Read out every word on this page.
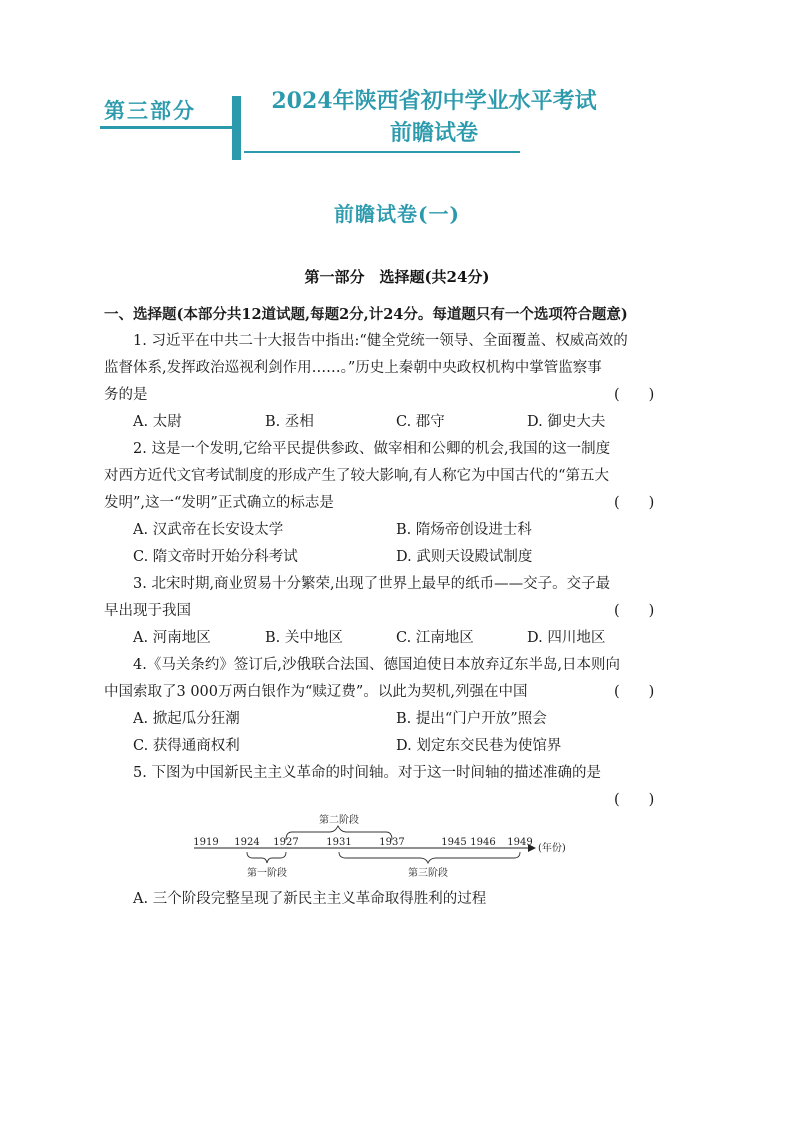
第三部分	2024年陕西省初中学业水平考试
前瞻试卷
前瞻试卷(一)
第一部分　选择题(共24分)
一、选择题(本部分共12道试题,每题2分,计24分。每道题只有一个选项符合题意)
1. 习近平在中共二十大报告中指出:“健全党统一领导、全面覆盖、权威高效的
监督体系,发挥政治巡视利剑作用……。”历史上秦朝中央政权机构中掌管监察事
务的是	(　　)
A. 太尉	B. 丞相	C. 郡守	D. 御史大夫
2. 这是一个发明,它给平民提供参政、做宰相和公卿的机会,我国的这一制度
对西方近代文官考试制度的形成产生了较大影响,有人称它为中国古代的“第五大
发明”,这一“发明”正式确立的标志是	(　　)
A. 汉武帝在长安设太学	B. 隋炀帝创设进士科
C. 隋文帝时开始分科考试	D. 武则天设殿试制度
3. 北宋时期,商业贸易十分繁荣,出现了世界上最早的纸币——交子。交子最
早出现于我国	(　　)
A. 河南地区	B. 关中地区	C. 江南地区	D. 四川地区
4.《马关条约》签订后,沙俄联合法国、德国迫使日本放弃辽东半岛,日本则向
中国索取了3 000万两白银作为“赎辽费”。以此为契机,列强在中国	(　　)
A. 掀起瓜分狂潮	B. 提出“门户开放”照会
C. 获得通商权利	D. 划定东交民巷为使馆界
5. 下图为中国新民主主义革命的时间轴。对于这一时间轴的描述准确的是
(　　)
第二阶段
(年份)
1919 1924 1927	1931	1937	1945 1946 1949
第一阶段	第三阶段
A. 三个阶段完整呈现了新民主主义革命取得胜利的过程
